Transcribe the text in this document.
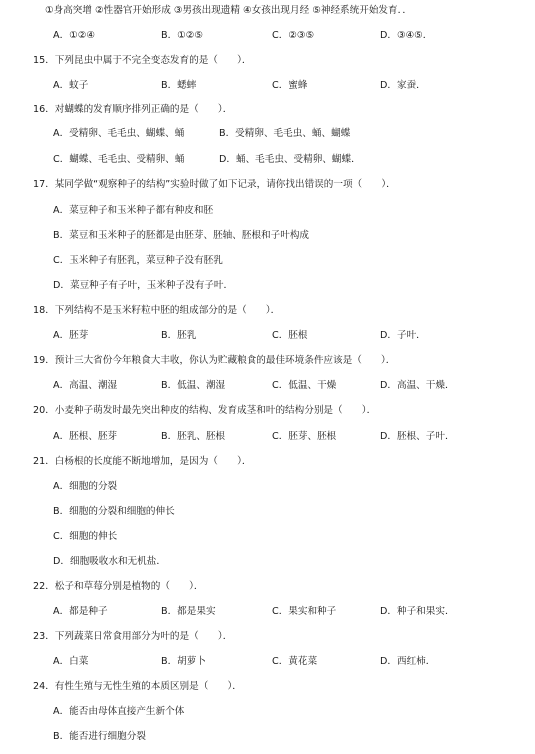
①身高突增 ②性器官开始形成 ③男孩出现遗精 ④女孩出现月经 ⑤神经系统开始发育．．
A．①②④	B．①②⑤	C．②③⑤	D．③④⑤．
15．下列昆虫中属于不完全变态发育的是（　　）．
A．蚊子	B．蟋蟀	C．蜜蜂	D．家蚕．
16．对蝴蝶的发育顺序排列正确的是（　　）．
A．受精卵、毛毛虫、蝴蝶、蛹	B．受精卵、毛毛虫、蛹、蝴蝶
C．蝴蝶、毛毛虫、受精卵、蛹	D．蛹、毛毛虫、受精卵、蝴蝶．
17．某同学做“观察种子的结构”实验时做了如下记录，请你找出错误的一项（　　）．
A．菜豆种子和玉米种子都有种皮和胚
B．菜豆和玉米种子的胚都是由胚芽、胚轴、胚根和子叶构成
C．玉米种子有胚乳，菜豆种子没有胚乳
D．菜豆种子有子叶，玉米种子没有子叶．
18．下列结构不是玉米籽粒中胚的组成部分的是（　　）．
A．胚芽	B．胚乳	C．胚根	D．子叶．
19．预计三大省份今年粮食大丰收，你认为贮藏粮食的最佳环境条件应该是（　　）．
A．高温、潮湿	B．低温、潮湿	C．低温、干燥	D．高温、干燥．
20．小麦种子萌发时最先突出种皮的结构、发育成茎和叶的结构分别是（　　）．
A．胚根、胚芽	B．胚乳、胚根	C．胚芽、胚根	D．胚根、子叶．
21．白杨根的长度能不断地增加，是因为（　　）．
A．细胞的分裂
B．细胞的分裂和细胞的伸长
C．细胞的伸长
D．细胞吸收水和无机盐．
22．松子和草莓分别是植物的（　　）．
A．都是种子	B．都是果实	C．果实和种子	D．种子和果实．
23．下列蔬菜日常食用部分为叶的是（　　）．
A．白菜	B．胡萝卜	C．黄花菜	D．西红柿．
24．有性生殖与无性生殖的本质区别是（　　）．
A．能否由母体直接产生新个体
B．能否进行细胞分裂
